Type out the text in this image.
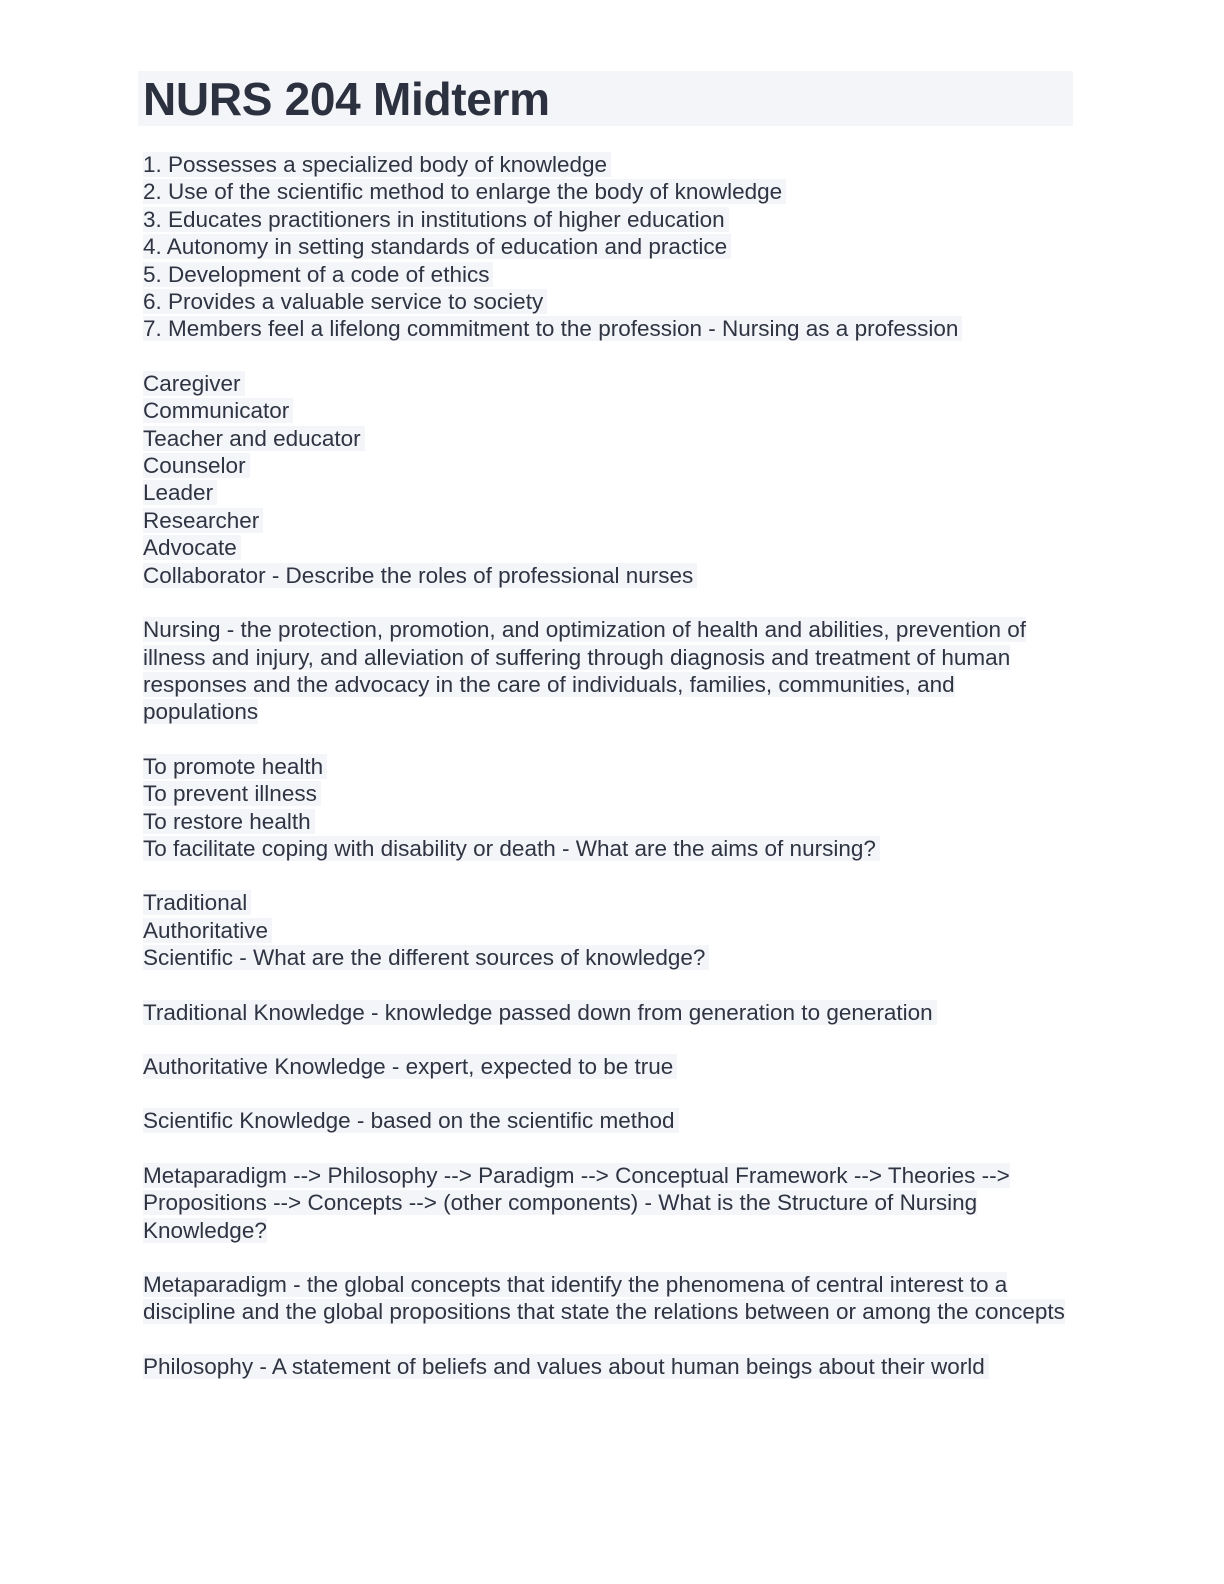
NURS 204 Midterm
1. Possesses a specialized body of knowledge
2. Use of the scientific method to enlarge the body of knowledge
3. Educates practitioners in institutions of higher education
4. Autonomy in setting standards of education and practice
5. Development of a code of ethics
6. Provides a valuable service to society
7. Members feel a lifelong commitment to the profession - Nursing as a profession
Caregiver
Communicator
Teacher and educator
Counselor
Leader
Researcher
Advocate
Collaborator - Describe the roles of professional nurses

Nursing - the protection, promotion, and optimization of health and abilities, prevention of illness and injury, and alleviation of suffering through diagnosis and treatment of human responses and the advocacy in the care of individuals, families, communities, and populations

To promote health
To prevent illness
To restore health
To facilitate coping with disability or death - What are the aims of nursing?
Traditional
Authoritative
Scientific - What are the different sources of knowledge?
Traditional Knowledge - knowledge passed down from generation to generation
Authoritative Knowledge - expert, expected to be true
Scientific Knowledge - based on the scientific method

Metaparadigm --> Philosophy --> Paradigm --> Conceptual Framework --> Theories --> Propositions --> Concepts --> (other components) - What is the Structure of Nursing Knowledge?

Metaparadigm - the global concepts that identify the phenomena of central interest to a discipline and the global propositions that state the relations between or among the concepts

Philosophy - A statement of beliefs and values about human beings about their world
